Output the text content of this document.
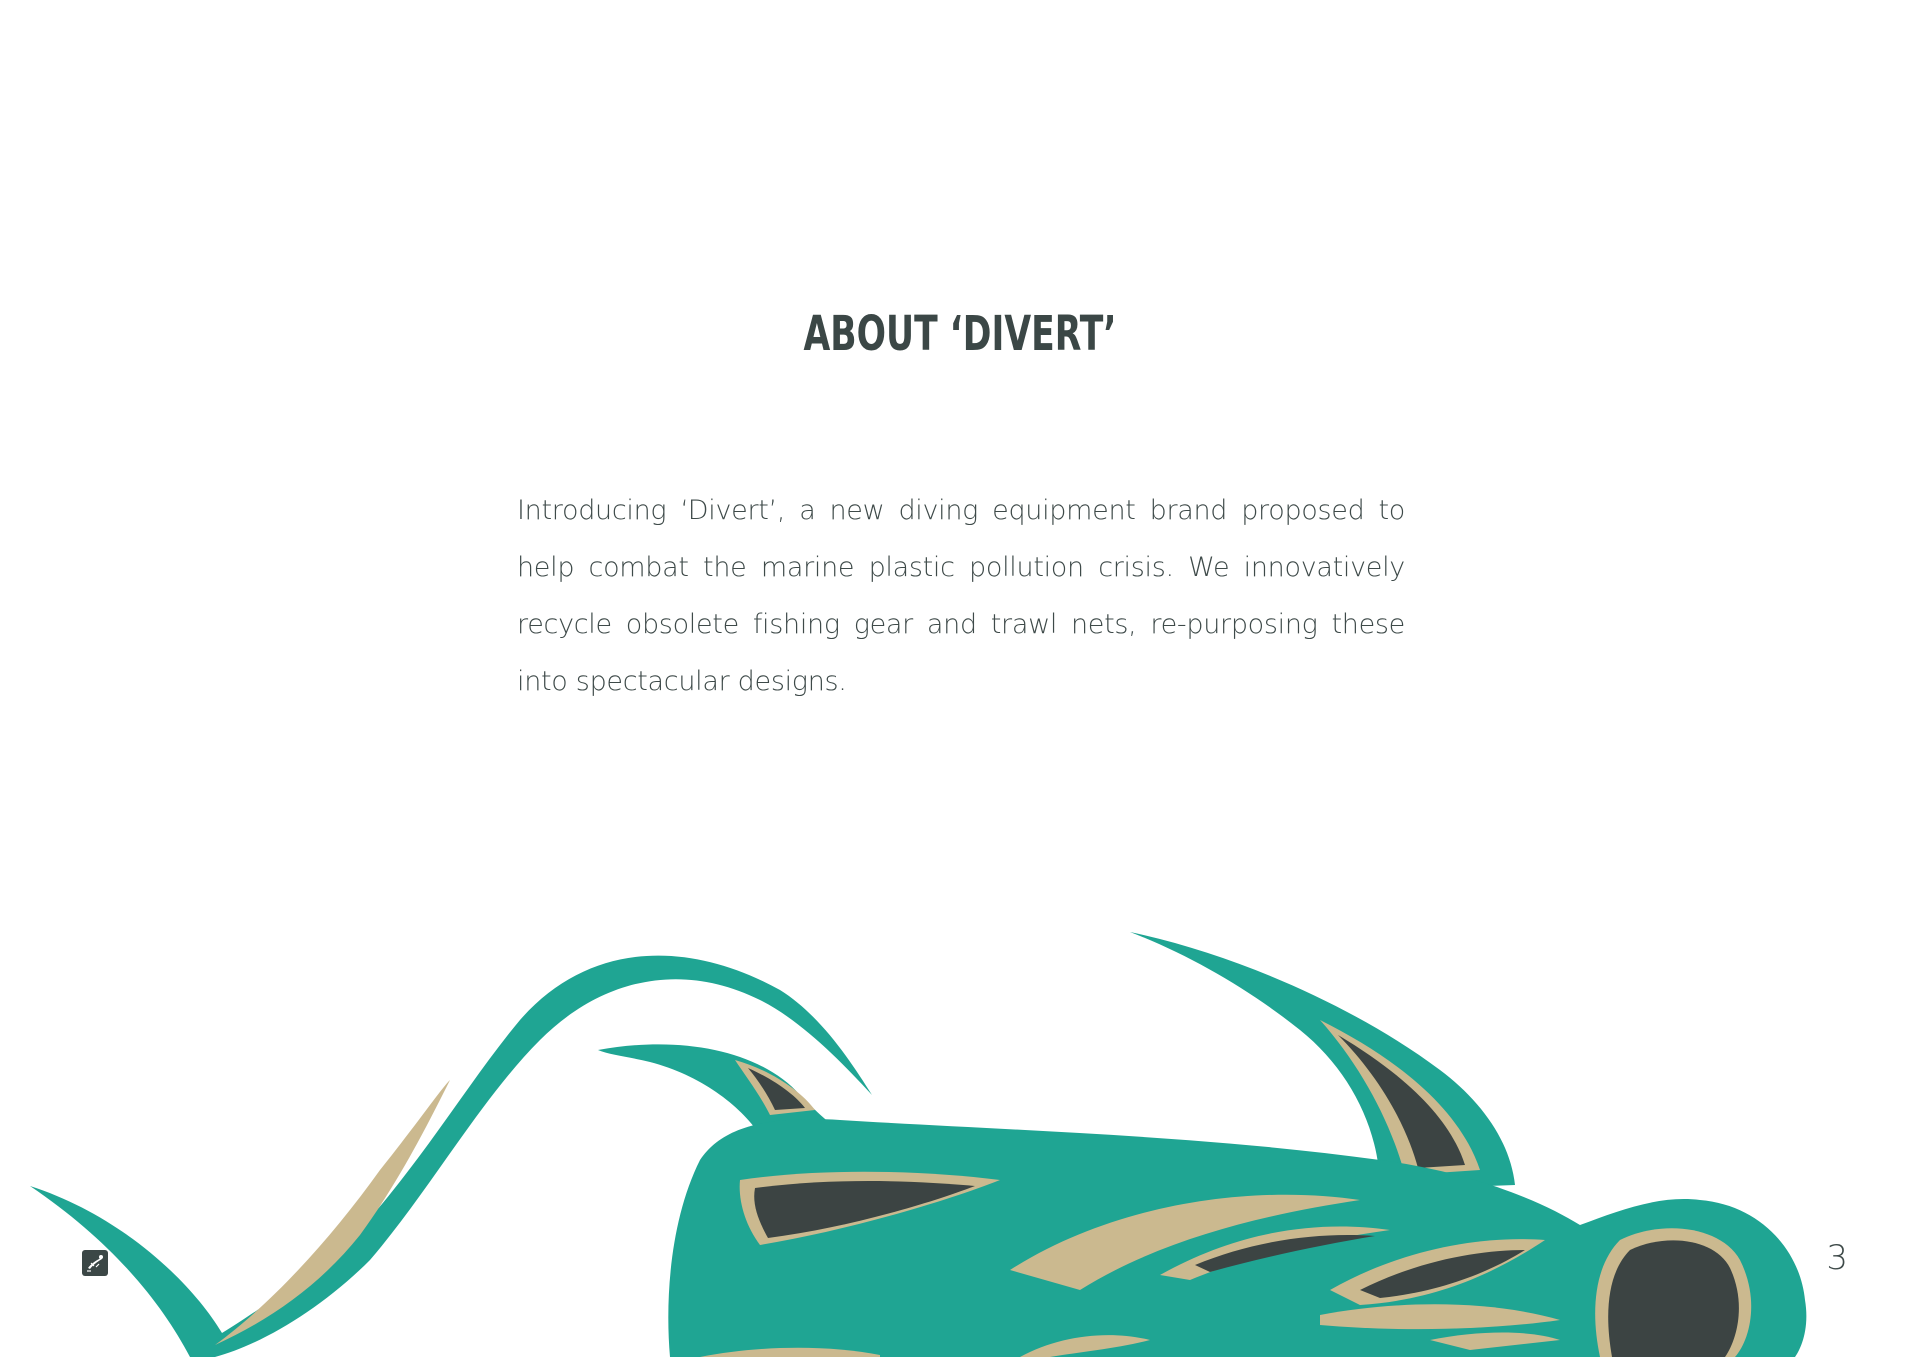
ABOUT ‘DIVERT’

Introducing ‘Divert’, a new diving equipment brand proposed to help combat the marine plastic pollution crisis. We innovatively recycle obsolete fishing gear and trawl nets, re-purposing these into spectacular designs.

3
